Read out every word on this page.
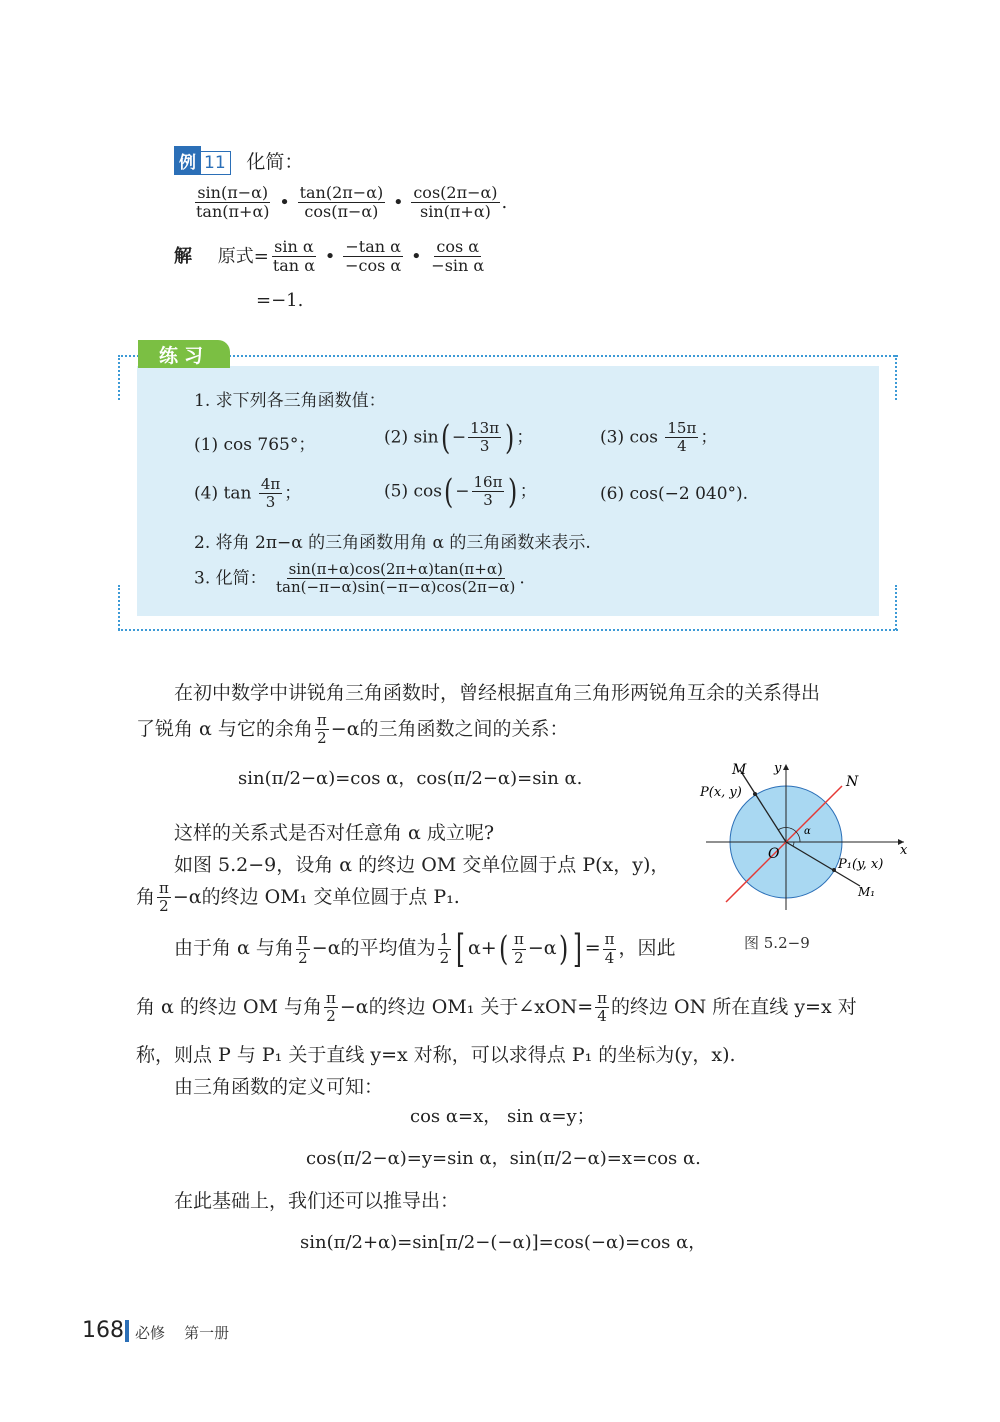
例 11 化简：
$\frac{\sin(\pi-\alpha)}{\tan(\pi+\alpha)}$ • $\frac{\tan(2\pi-\alpha)}{\cos(\pi-\alpha)}$ • $\frac{\cos(2\pi-\alpha)}{\sin(\pi+\alpha)}$ .
解 原式= $\frac{\text{sin α}}{\text{tan α}}$ • $\frac{\text{−tan α}}{\text{−cos α}}$ • $\frac{\text{cos α}}{\text{−sin α}}$
=−1.
练习
1. 求下列各三角函数值：
(1) cos 765°；	(2) $\sin( - \frac{13\pi}{3}$ ) ；	(3) $\cos \frac{15\pi}{4}$ ；
(4) $\tan \frac{4\pi}{3}$ ；	(5) $\cos( - \frac{16\pi}{3}$ ) ；	(6) cos(−2 040°).
2. 将角 2π−α 的三角函数用角 α 的三角函数来表示.
3. 化简： $\frac{\sin(\pi+\alpha)\cos(2\pi+\alpha)\tan(\pi+\alpha)}{\tan(-\pi-\alpha)\sin(-\pi-\alpha)\cos(2\pi-\alpha)}$ .
在初中数学中讲锐角三角函数时，曾经根据直角三角形两锐角互余的关系得出
了锐角 α 与它的余角 $\frac{\pi}{2} -\alpha$的三角函数之间的关系：
sin(π/2−α)=cos α，cos(π/2−α)=sin α.
这样的关系式是否对任意角 α 成立呢?
如图 5.2−9，设角 α 的终边 OM 交单位圆于点 P(x，y)，
角 $\frac{\pi}{2} -\alpha$的终边 OM₁ 交单位圆于点 P₁.
由于角 α 与角 $\frac{\pi}{2} -\alpha$的平均值为 $\frac{1}{2}$ [ $\alpha+( \frac{\pi}{2} -\alpha)$ ] = $\frac{\pi}{4}$ ，因此
角 α 的终边 OM 与角 $\frac{\pi}{2} -\alpha$的终边 OM₁ 关于∠xON= $\frac{\pi}{4}$ 的终边 ON 所在直线 y=x 对
称，则点 P 与 P₁ 关于直线 y=x 对称，可以求得点 P₁ 的坐标为(y，x).
由三角函数的定义可知：
cos α=x， sin α=y；
cos(π/2−α)=y=sin α，sin(π/2−α)=x=cos α.
在此基础上，我们还可以推导出：
sin(π/2+α)=sin[π/2−(−α)]=cos(−α)=cos α，
M
N
P(x, y)
P₁(y, x)
M₁
O	x
y
α
图 5.2−9
168 必修    第一册
